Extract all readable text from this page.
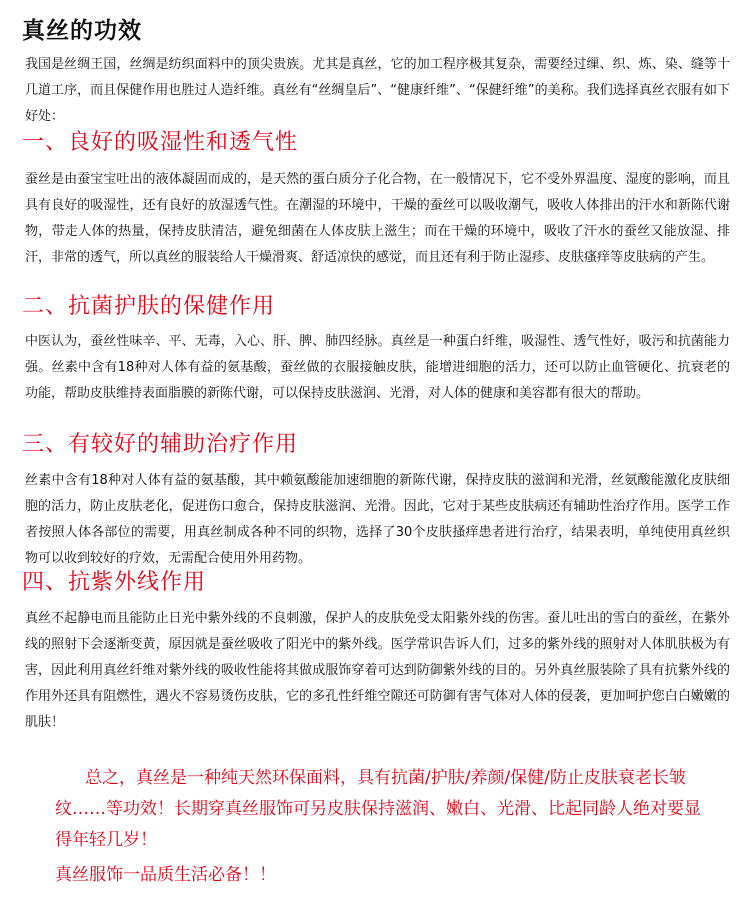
真丝的功效
我国是丝绸王国，丝绸是纺织面料中的顶尖贵族。尤其是真丝，它的加工程序极其复杂，需要经过缫、织、炼、染、缝等十几道工序，而且保健作用也胜过人造纤维。真丝有“丝绸皇后”、“健康纤维”、“保健纤维”的美称。我们选择真丝衣服有如下好处：
一、良好的吸湿性和透气性
蚕丝是由蚕宝宝吐出的液体凝固而成的，是天然的蛋白质分子化合物，在一般情况下，它不受外界温度、湿度的影响，而且具有良好的吸湿性，还有良好的放湿透气性。在潮湿的环境中，干燥的蚕丝可以吸收潮气，吸收人体排出的汗水和新陈代谢物，带走人体的热量，保持皮肤清洁，避免细菌在人体皮肤上滋生；而在干燥的环境中，吸收了汗水的蚕丝又能放湿、排汗，非常的透气，所以真丝的服装给人干燥滑爽、舒适凉快的感觉，而且还有利于防止湿疹、皮肤瘙痒等皮肤病的产生。
二、抗菌护肤的保健作用
中医认为，蚕丝性味辛、平、无毒，入心、肝、脾、肺四经脉。真丝是一种蛋白纤维，吸湿性、透气性好，吸污和抗菌能力强。丝素中含有18种对人体有益的氨基酸，蚕丝做的衣服接触皮肤，能增进细胞的活力，还可以防止血管硬化、抗衰老的功能，帮助皮肤维持表面脂膜的新陈代谢，可以保持皮肤滋润、光滑，对人体的健康和美容都有很大的帮助。
三、有较好的辅助治疗作用
丝素中含有18种对人体有益的氨基酸，其中赖氨酸能加速细胞的新陈代谢，保持皮肤的滋润和光滑，丝氨酸能激化皮肤细胞的活力，防止皮肤老化，促进伤口愈合，保持皮肤滋润、光滑。因此，它对于某些皮肤病还有辅助性治疗作用。医学工作者按照人体各部位的需要，用真丝制成各种不同的织物，选择了30个皮肤搔痒患者进行治疗，结果表明，单纯使用真丝织物可以收到较好的疗效，无需配合使用外用药物。
四、抗紫外线作用
真丝不起静电而且能防止日光中紫外线的不良刺激，保护人的皮肤免受太阳紫外线的伤害。蚕儿吐出的雪白的蚕丝，在紫外线的照射下会逐渐变黄，原因就是蚕丝吸收了阳光中的紫外线。医学常识告诉人们，过多的紫外线的照射对人体肌肤极为有害，因此利用真丝纤维对紫外线的吸收性能将其做成服饰穿着可达到防御紫外线的目的。另外真丝服装除了具有抗紫外线的作用外还具有阻燃性，遇火不容易烫伤皮肤，它的多孔性纤维空隙还可防御有害气体对人体的侵袭，更加呵护您白白嫩嫩的肌肤！
总之，真丝是一种纯天然环保面料，具有抗菌/护肤/养颜/保健/防止皮肤衰老长皱纹……等功效！长期穿真丝服饰可另皮肤保持滋润、嫩白、光滑、比起同龄人绝对要显得年轻几岁！
真丝服饰一品质生活必备！！
